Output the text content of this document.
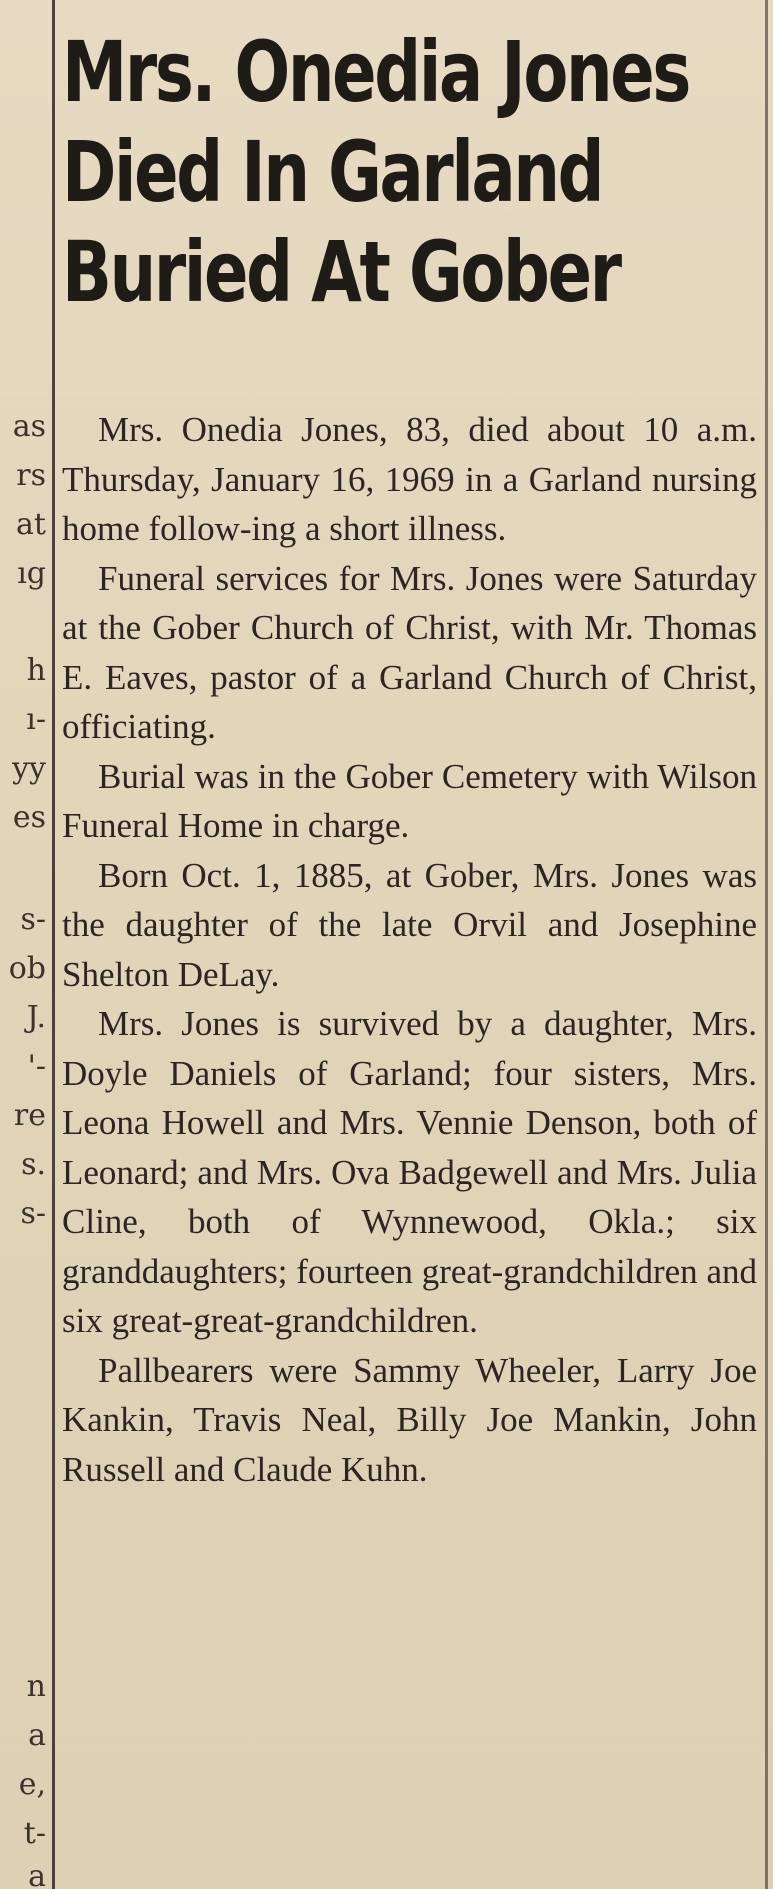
as
rs
at
ıg
h
ı-
yy
es
s-
ob
J.
'-
re
s.
s-
n
a
e,
t-
a
Mrs. Onedia Jones
Died In Garland
Buried At Gober

Mrs. Onedia Jones, 83, died about 10 a.m. Thursday, January 16, 1969 in a Garland nursing home follow-ing a short illness.

Funeral services for Mrs. Jones were Saturday at the Gober Church of Christ, with Mr. Thomas E. Eaves, pastor of a Garland Church of Christ, officiating.

Burial was in the Gober Cemetery with Wilson Funeral Home in charge.

Born Oct. 1, 1885, at Gober, Mrs. Jones was the daughter of the late Orvil and Josephine Shelton DeLay.

Mrs. Jones is survived by a daughter, Mrs. Doyle Daniels of Garland; four sisters, Mrs. Leona Howell and Mrs. Vennie Denson, both of Leonard; and Mrs. Ova Badgewell and Mrs. Julia Cline, both of Wynnewood, Okla.; six granddaughters; fourteen great-grandchildren and six great-great-grandchildren.

Pallbearers were Sammy Wheeler, Larry Joe Kankin, Travis Neal, Billy Joe Mankin, John Russell and Claude Kuhn.
